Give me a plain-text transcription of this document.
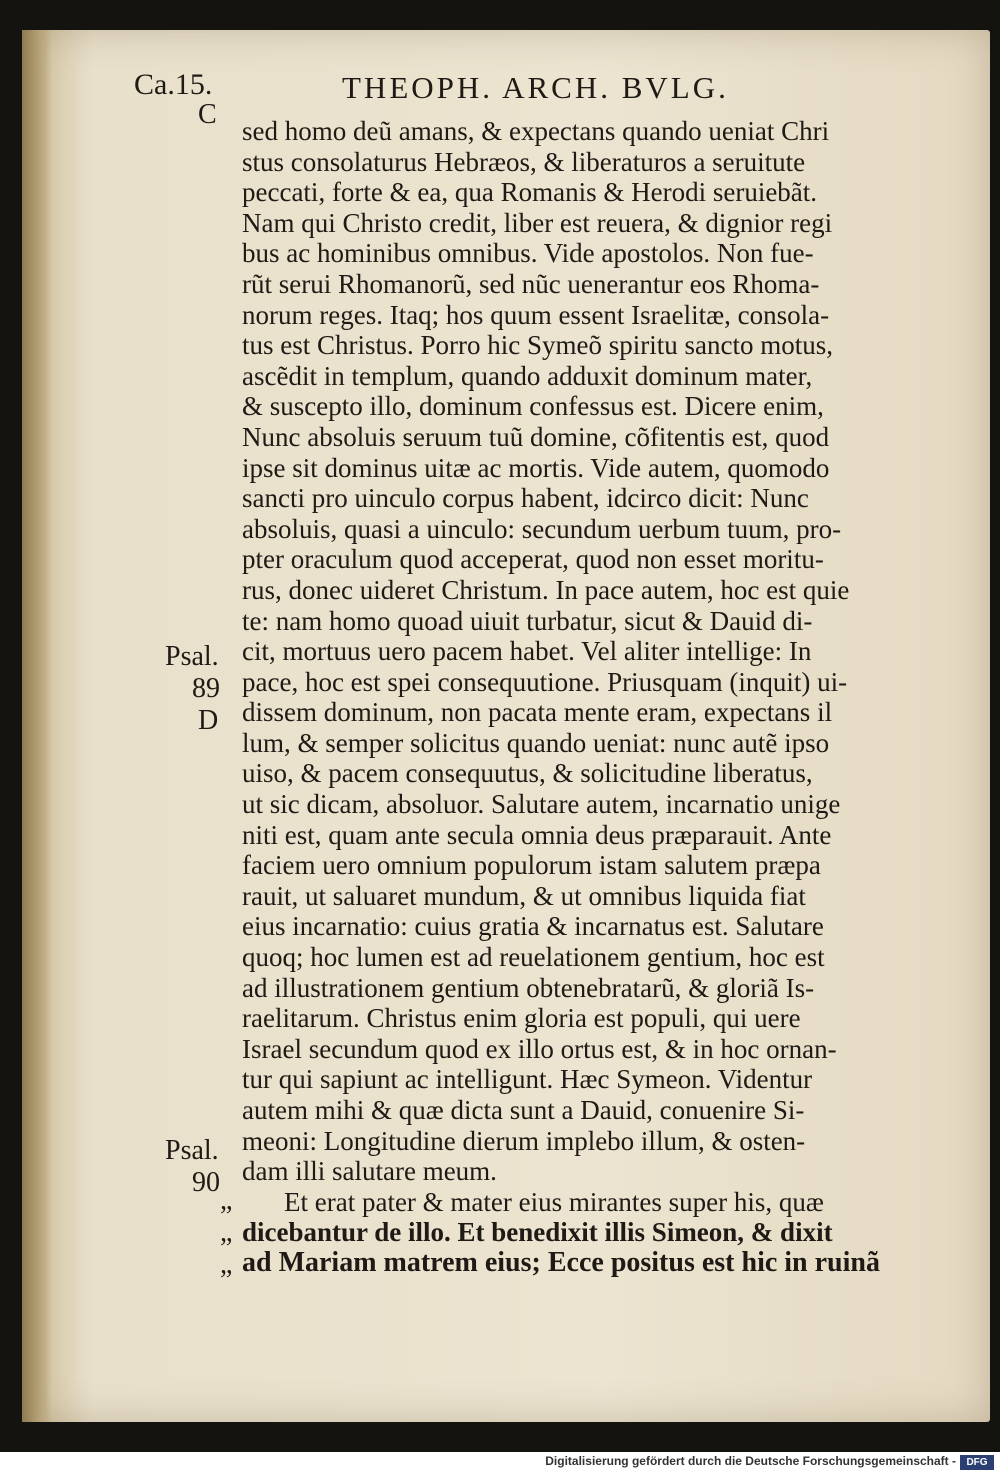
Ca.15.	THEOPH. ARCH. BVLG.
C
Psal.
89
D
Psal.
90
”
”
”
sed homo deũ amans, & expectans quando ueniat Chri
stus consolaturus Hebræos, & liberaturos a seruitute
peccati, forte & ea, qua Romanis & Herodi seruiebãt.
Nam qui Christo credit, liber est reuera, & dignior regi
bus ac hominibus omnibus. Vide apostolos. Non fue-
rũt serui Rhomanorũ, sed nũc uenerantur eos Rhoma-
norum reges. Itaq; hos quum essent Israelitæ, consola-
tus est Christus. Porro hic Symeõ spiritu sancto motus,
ascẽdit in templum, quando adduxit dominum mater,
& suscepto illo, dominum confessus est. Dicere enim,
Nunc absoluis seruum tuũ domine, cõfitentis est, quod
ipse sit dominus uitæ ac mortis. Vide autem, quomodo
sancti pro uinculo corpus habent, idcirco dicit: Nunc
absoluis, quasi a uinculo: secundum uerbum tuum, pro-
pter oraculum quod acceperat, quod non esset moritu-
rus, donec uideret Christum. In pace autem, hoc est quie
te: nam homo quoad uiuit turbatur, sicut & Dauid di-
cit, mortuus uero pacem habet. Vel aliter intellige: In
pace, hoc est spei consequutione. Priusquam (inquit) ui-
dissem dominum, non pacata mente eram, expectans il
lum, & semper solicitus quando ueniat: nunc autẽ ipso
uiso, & pacem consequutus, & solicitudine liberatus,
ut sic dicam, absoluor. Salutare autem, incarnatio unige
niti est, quam ante secula omnia deus præparauit. Ante
faciem uero omnium populorum istam salutem præpa
rauit, ut saluaret mundum, & ut omnibus liquida fiat
eius incarnatio: cuius gratia & incarnatus est. Salutare
quoq; hoc lumen est ad reuelationem gentium, hoc est
ad illustrationem gentium obtenebratarũ, & gloriã Is-
raelitarum. Christus enim gloria est populi, qui uere
Israel secundum quod ex illo ortus est, & in hoc ornan-
tur qui sapiunt ac intelligunt. Hæc Symeon. Videntur
autem mihi & quæ dicta sunt a Dauid, conuenire Si-
meoni: Longitudine dierum implebo illum, & osten-
dam illi salutare meum.
Et erat pater & mater eius mirantes super his, quæ
dicebantur de illo. Et benedixit illis Simeon, & dixit
ad Mariam matrem eius; Ecce positus est hic in ruinã
Digitalisierung gefördert durch die Deutsche Forschungsgemeinschaft -	DFG
